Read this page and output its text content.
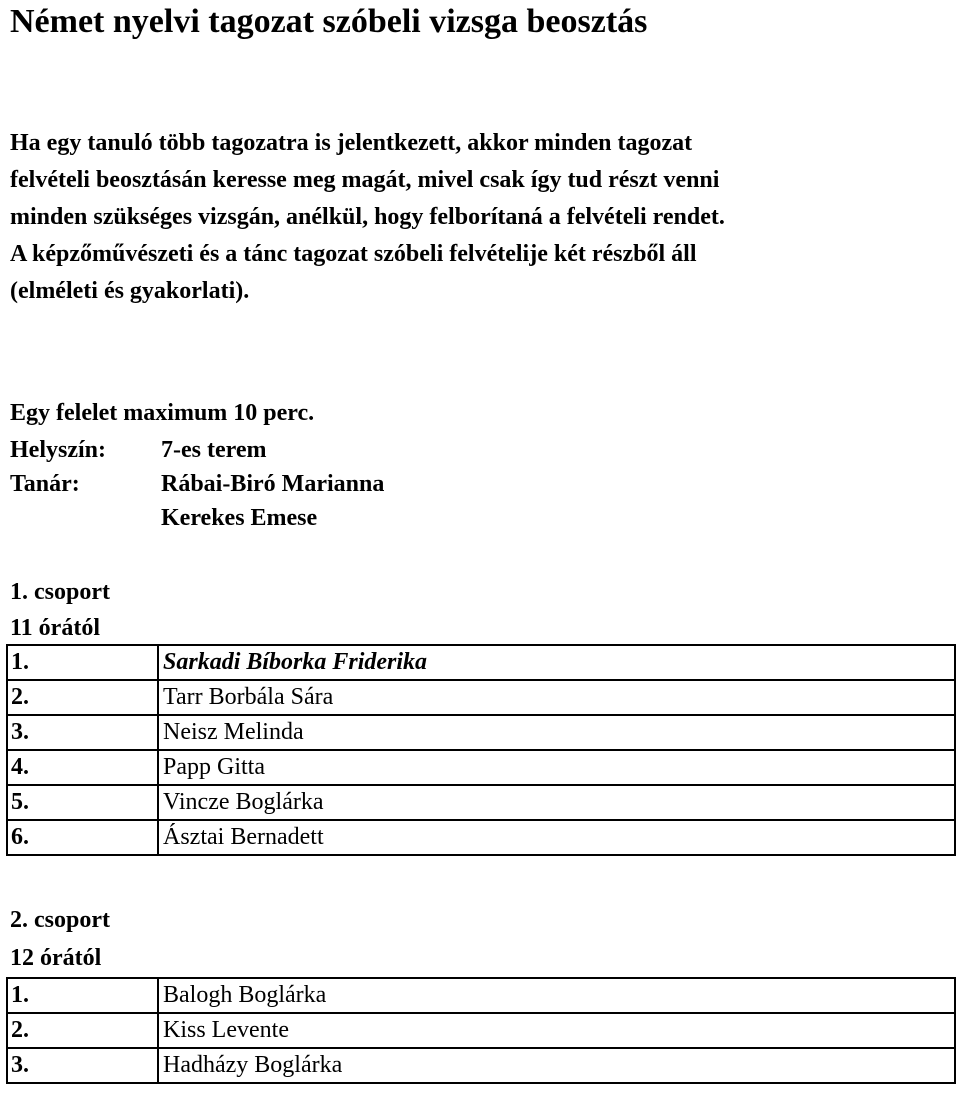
Német nyelvi tagozat szóbeli vizsga beosztás

Ha egy tanuló több tagozatra is jelentkezett, akkor minden tagozat
felvételi beosztásán keresse meg magát, mivel csak így tud részt venni
minden szükséges vizsgán, anélkül, hogy felborítaná a felvételi rendet.
A képzőművészeti és a tánc tagozat szóbeli felvételije két részből áll
(elméleti és gyakorlati).

Egy felelet maximum 10 perc.
Helyszín: 7-es terem
Tanár:	Rábai-Biró Marianna
Kerekes Emese
1. csoport
11 órától
1.	Sarkadi Bíborka Friderika
2.	Tarr Borbála Sára
3.	Neisz Melinda
4.	Papp Gitta
5.	Vincze Boglárka
6.	Ásztai Bernadett
2. csoport
12 órától
1.	Balogh Boglárka
2.	Kiss Levente
3.	Hadházy Boglárka
